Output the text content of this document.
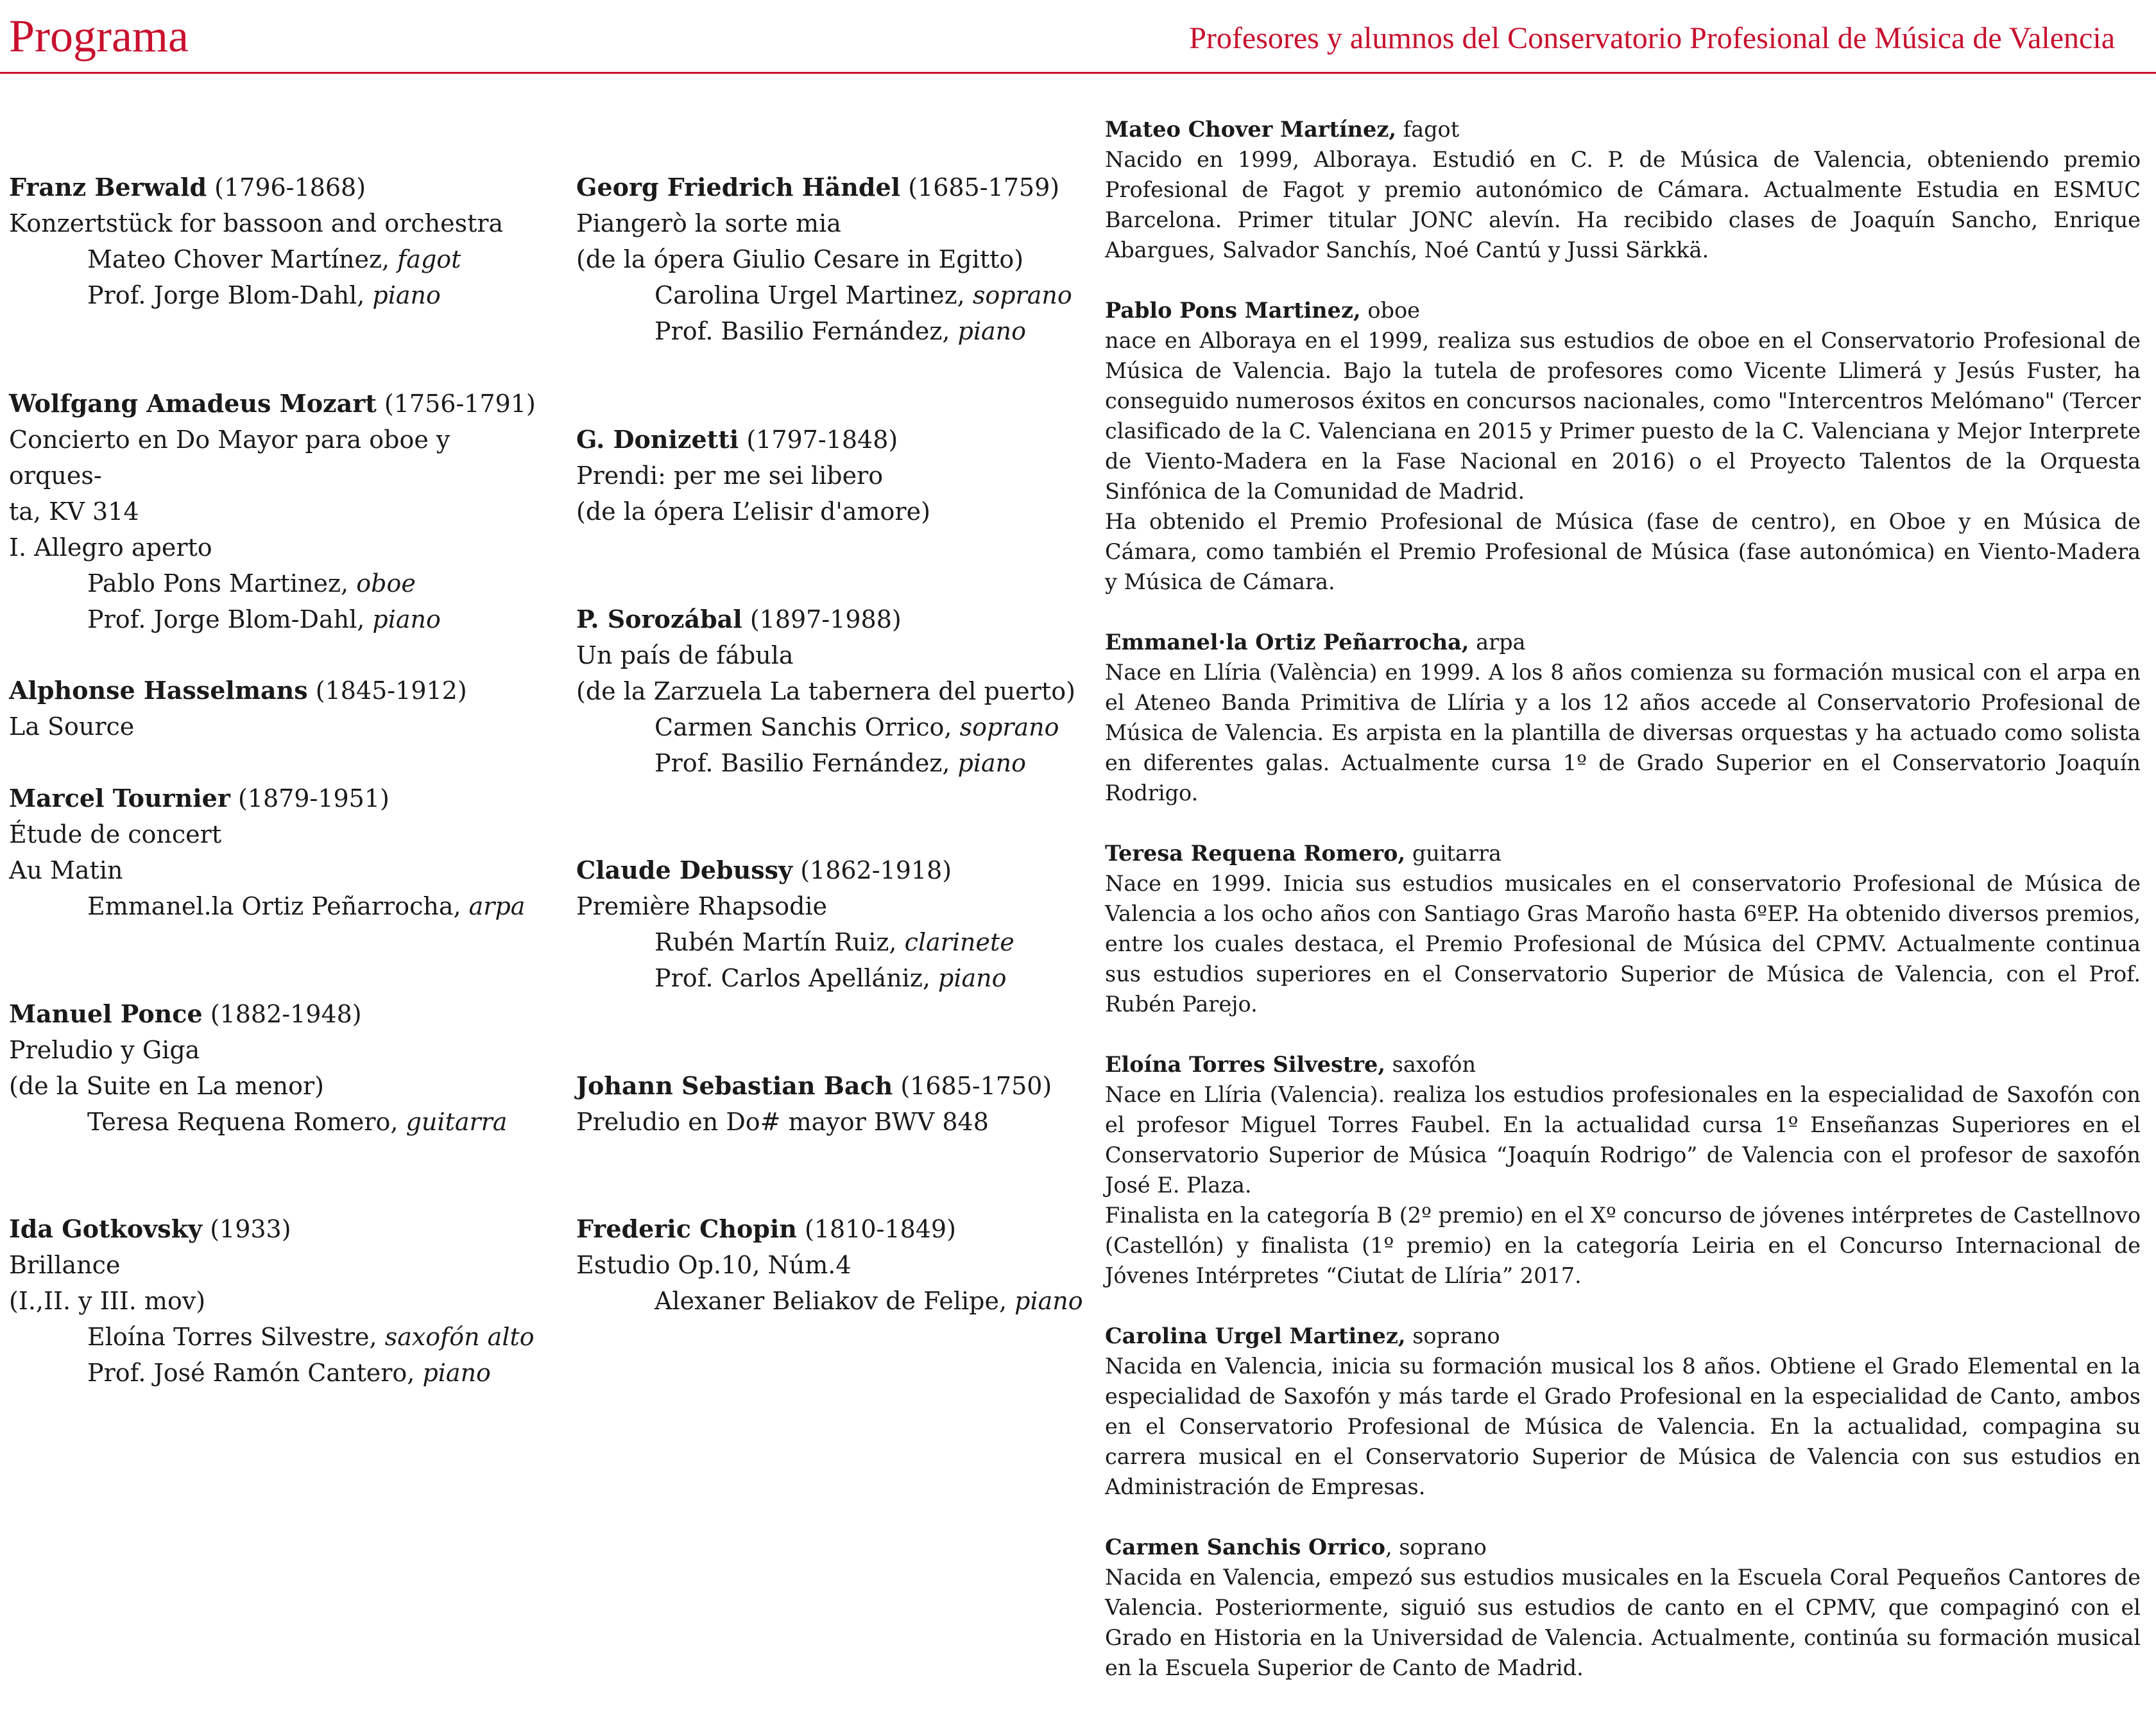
Programa	Profesores y alumnos del Conservatorio Profesional de Música de Valencia
Franz Berwald (1796-1868)
Konzertstück for bassoon and orchestra
Mateo Chover Martínez, fagot
Prof. Jorge Blom-Dahl, piano
Wolfgang Amadeus Mozart (1756-1791)
Concierto en Do Mayor para oboe y orques-
ta, KV 314
I. Allegro aperto
Pablo Pons Martinez, oboe
Prof. Jorge Blom-Dahl, piano
Alphonse Hasselmans (1845-1912)
La Source
Marcel Tournier (1879-1951)
Étude de concert
Au Matin
Emmanel.la Ortiz Peñarrocha, arpa
Manuel Ponce (1882-1948)
Preludio y Giga
(de la Suite en La menor)
Teresa Requena Romero, guitarra
Ida Gotkovsky (1933)
Brillance
(I.,II. y III. mov)
Eloína Torres Silvestre, saxofón alto
Prof. José Ramón Cantero, piano
Georg Friedrich Händel (1685-1759)
Piangerò la sorte mia
(de la ópera Giulio Cesare in Egitto)
Carolina Urgel Martinez, soprano
Prof. Basilio Fernández, piano
G. Donizetti (1797-1848)
Prendi: per me sei libero
(de la ópera L’elisir d'amore)
P. Sorozábal (1897-1988)
Un país de fábula
(de la Zarzuela La tabernera del puerto)
Carmen Sanchis Orrico, soprano
Prof. Basilio Fernández, piano
Claude Debussy (1862-1918)
Première Rhapsodie
Rubén Martín Ruiz, clarinete
Prof. Carlos Apellániz, piano
Johann Sebastian Bach (1685-1750)
Preludio en Do# mayor BWV 848
Frederic Chopin (1810-1849)
Estudio Op.10, Núm.4
Alexaner Beliakov de Felipe, piano
Mateo Chover Martínez, fagot
Nacido en 1999, Alboraya. Estudió en C. P. de Música de Valencia, obteniendo premio Profesional de Fagot y premio autonómico de Cámara. Actualmente Estudia en ESMUC Barcelona. Primer titular JONC alevín. Ha recibido clases de Joaquín Sancho, Enrique Abargues, Salvador Sanchís, Noé Cantú y Jussi Särkkä.
Pablo Pons Martinez, oboe
nace en Alboraya en el 1999, realiza sus estudios de oboe en el Conservatorio Profesional de Música de Valencia. Bajo la tutela de profesores como Vicente Llimerá y Jesús Fuster, ha conseguido numerosos éxitos en concursos nacionales, como "Intercentros Melómano" (Tercer clasificado de la C. Valenciana en 2015 y Primer puesto de la C. Valenciana y Mejor Interprete de Viento-Madera en la Fase Nacional en 2016) o el Proyecto Talentos de la Orquesta Sinfónica de la Comunidad de Madrid.
Ha obtenido el Premio Profesional de Música (fase de centro), en Oboe y en Música de Cámara, como también el Premio Profesional de Música (fase autonómica) en Viento-Madera y Música de Cámara.
Emmanel·la Ortiz Peñarrocha, arpa
Nace en Llíria (València) en 1999. A los 8 años comienza su formación musical con el arpa en el Ateneo Banda Primitiva de Llíria y a los 12 años accede al Conservatorio Profesional de Música de Valencia. Es arpista en la plantilla de diversas orquestas y ha actuado como solista en diferentes galas. Actualmente cursa 1º de Grado Superior en el Conservatorio Joaquín Rodrigo.
Teresa Requena Romero, guitarra
Nace en 1999. Inicia sus estudios musicales en el conservatorio Profesional de Música de Valencia a los ocho años con Santiago Gras Maroño hasta 6ºEP. Ha obtenido diversos premios, entre los cuales destaca, el Premio Profesional de Música del CPMV. Actualmente continua sus estudios superiores en el Conservatorio Superior de Música de Valencia, con el Prof. Rubén Parejo.
Eloína Torres Silvestre, saxofón
Nace en Llíria (Valencia). realiza los estudios profesionales en la especialidad de Saxofón con el profesor Miguel Torres Faubel. En la actualidad cursa 1º Enseñanzas Superiores en el Conservatorio Superior de Música “Joaquín Rodrigo” de Valencia con el profesor de saxofón José E. Plaza.
Finalista en la categoría B (2º premio) en el Xº concurso de jóvenes intérpretes de Castellnovo (Castellón) y finalista (1º premio) en la categoría Leiria en el Concurso Internacional de Jóvenes Intérpretes “Ciutat de Llíria” 2017.
Carolina Urgel Martinez, soprano
Nacida en Valencia, inicia su formación musical los 8 años. Obtiene el Grado Elemental en la especialidad de Saxofón y más tarde el Grado Profesional en la especialidad de Canto, ambos en el Conservatorio Profesional de Música de Valencia. En la actualidad, compagina su carrera musical en el Conservatorio Superior de Música de Valencia con sus estudios en Administración de Empresas.
Carmen Sanchis Orrico, soprano
Nacida en Valencia, empezó sus estudios musicales en la Escuela Coral Pequeños Cantores de Valencia. Posteriormente, siguió sus estudios de canto en el CPMV, que compaginó con el Grado en Historia en la Universidad de Valencia. Actualmente, continúa su formación musical en la Escuela Superior de Canto de Madrid.
